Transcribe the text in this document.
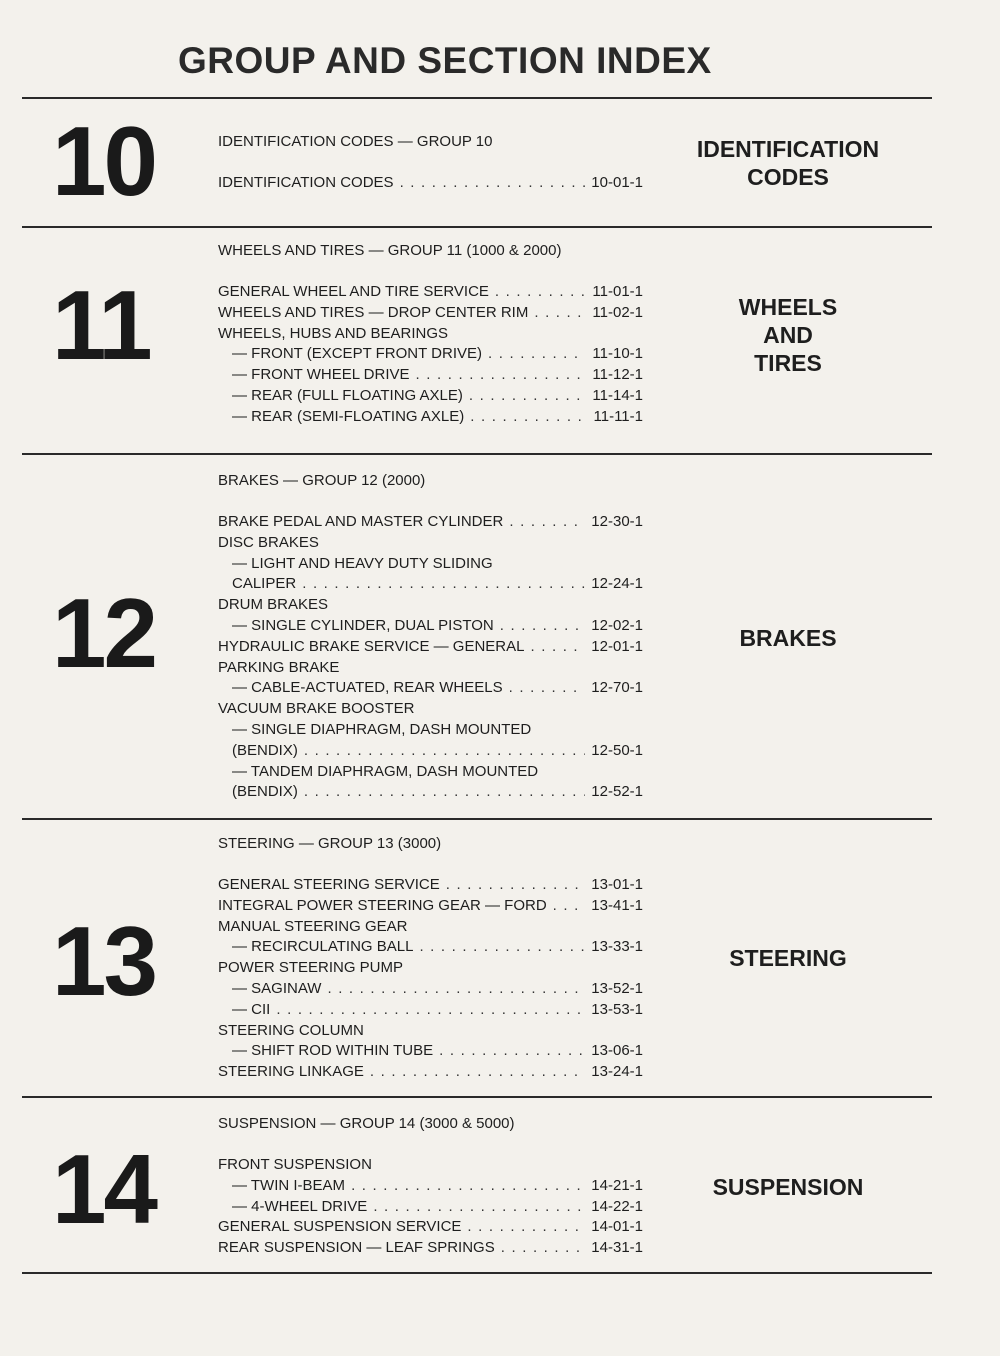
GROUP AND SECTION INDEX
10	IDENTIFICATION CODES — GROUP 10
IDENTIFICATION CODES . . .	10-01-1
IDENTIFICATION
CODES
11
WHEELS AND TIRES — GROUP 11 (1000 & 2000)
GENERAL WHEEL AND TIRE SERVICE . . .	11-01-1
WHEELS AND TIRES — DROP CENTER RIM . . .	11-02-1
WHEELS, HUBS AND BEARINGS
— FRONT (EXCEPT FRONT DRIVE) . . .	11-10-1
— FRONT WHEEL DRIVE . . .	11-12-1
— REAR (FULL FLOATING AXLE) . . .	11-14-1
— REAR (SEMI-FLOATING AXLE) . . .	11-11-1
WHEELS
AND
TIRES
12
BRAKES — GROUP 12 (2000)
BRAKE PEDAL AND MASTER CYLINDER . . .	12-30-1
DISC BRAKES
— LIGHT AND HEAVY DUTY SLIDING
CALIPER . . .	12-24-1
DRUM BRAKES
— SINGLE CYLINDER, DUAL PISTON . . .	12-02-1
HYDRAULIC BRAKE SERVICE — GENERAL . . .	12-01-1
PARKING BRAKE
— CABLE-ACTUATED, REAR WHEELS . . .	12-70-1
VACUUM BRAKE BOOSTER
— SINGLE DIAPHRAGM, DASH MOUNTED
(BENDIX) . . .	12-50-1
— TANDEM DIAPHRAGM, DASH MOUNTED
(BENDIX) . . .	12-52-1
BRAKES
13
STEERING — GROUP 13 (3000)
GENERAL STEERING SERVICE . . .	13-01-1
INTEGRAL POWER STEERING GEAR — FORD . . .	13-41-1
MANUAL STEERING GEAR
— RECIRCULATING BALL . . .	13-33-1
POWER STEERING PUMP
— SAGINAW . . .	13-52-1
— CII . . .	13-53-1
STEERING COLUMN
— SHIFT ROD WITHIN TUBE . . .	13-06-1
STEERING LINKAGE . . .	13-24-1
STEERING
14
SUSPENSION — GROUP 14 (3000 & 5000)
FRONT SUSPENSION
— TWIN I-BEAM . . .	14-21-1
— 4-WHEEL DRIVE . . .	14-22-1
GENERAL SUSPENSION SERVICE . . .	14-01-1
REAR SUSPENSION — LEAF SPRINGS . . .	14-31-1
SUSPENSION
